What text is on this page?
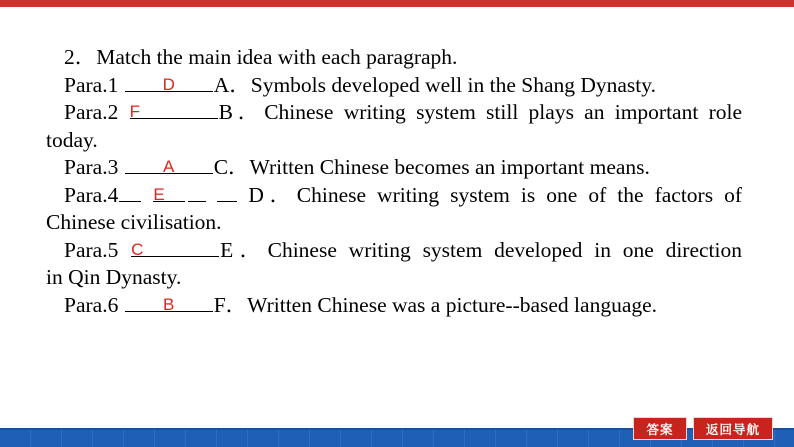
2．Match the main idea with each paragraph.
Para.1	D	A．Symbols developed well in the Shang Dynasty.
Para.2 F	B．Chinese writing system still plays an important role
today.
Para.3	A	C．Written Chinese becomes an important means.
Para.4 E	D．Chinese writing system is one of the factors of
Chinese civilisation.
Para.5 C	E．Chinese writing system developed in one direction
in Qin Dynasty.
Para.6	B	F．Written Chinese was a picture--based language.
答案	返回导航
